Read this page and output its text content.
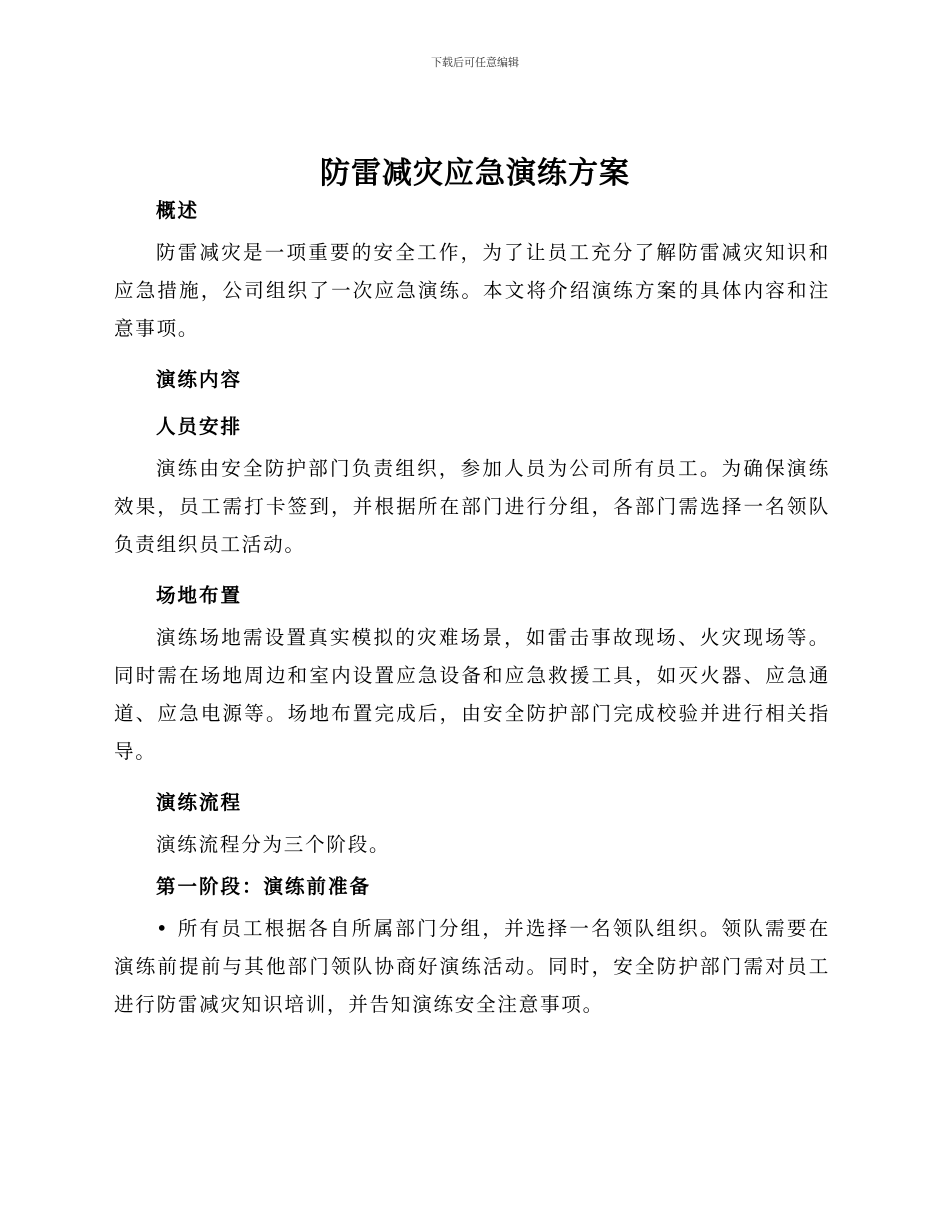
下载后可任意编辑
防雷减灾应急演练方案
概述

防雷减灾是一项重要的安全工作，为了让员工充分了解防雷减灾知识和应急措施，公司组织了一次应急演练。本文将介绍演练方案的具体内容和注意事项。

演练内容
人员安排

演练由安全防护部门负责组织，参加人员为公司所有员工。为确保演练效果，员工需打卡签到，并根据所在部门进行分组，各部门需选择一名领队负责组织员工活动。

场地布置

演练场地需设置真实模拟的灾难场景，如雷击事故现场、火灾现场等。同时需在场地周边和室内设置应急设备和应急救援工具，如灭火器、应急通道、应急电源等。场地布置完成后，由安全防护部门完成校验并进行相关指导。

演练流程

演练流程分为三个阶段。

第一阶段：演练前准备

• 所有员工根据各自所属部门分组，并选择一名领队组织。领队需要在演练前提前与其他部门领队协商好演练活动。同时，安全防护部门需对员工进行防雷减灾知识培训，并告知演练安全注意事项。
